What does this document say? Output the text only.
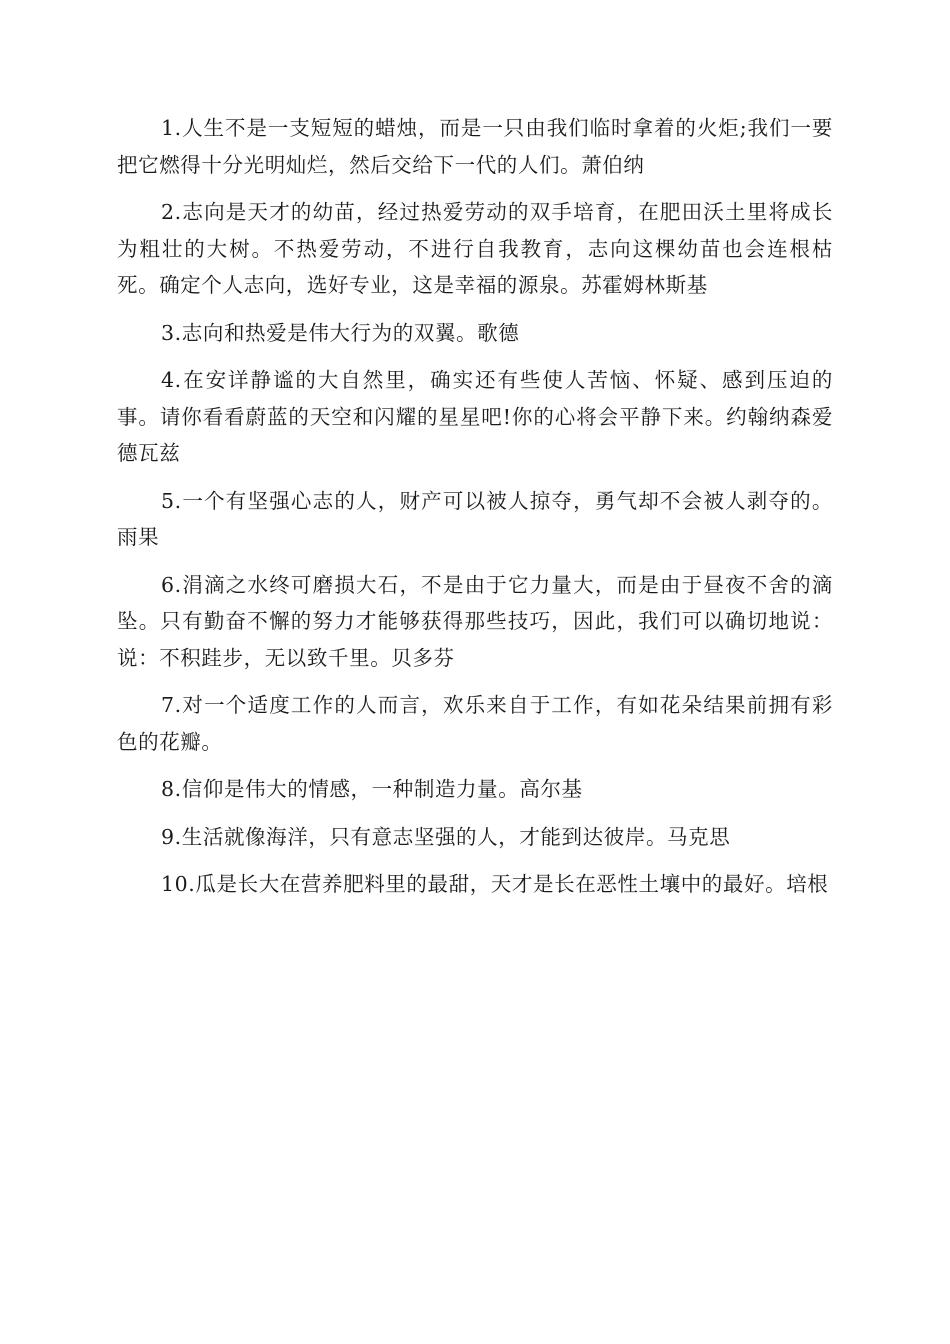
1.人生不是一支短短的蜡烛，而是一只由我们临时拿着的火炬;我们一要把它燃得十分光明灿烂，然后交给下一代的人们。萧伯纳

2.志向是天才的幼苗，经过热爱劳动的双手培育，在肥田沃土里将成长为粗壮的大树。不热爱劳动，不进行自我教育，志向这棵幼苗也会连根枯死。确定个人志向，选好专业，这是幸福的源泉。苏霍姆林斯基

3.志向和热爱是伟大行为的双翼。歌德

4.在安详静谧的大自然里，确实还有些使人苦恼、怀疑、感到压迫的事。请你看看蔚蓝的天空和闪耀的星星吧!你的心将会平静下来。约翰纳森爱德瓦兹

5.一个有坚强心志的人，财产可以被人掠夺，勇气却不会被人剥夺的。雨果

6.涓滴之水终可磨损大石，不是由于它力量大，而是由于昼夜不舍的滴坠。只有勤奋不懈的努力才能够获得那些技巧，因此，我们可以确切地说：说：不积跬步，无以致千里。贝多芬

7.对一个适度工作的人而言，欢乐来自于工作，有如花朵结果前拥有彩色的花瓣。

8.信仰是伟大的情感，一种制造力量。高尔基

9.生活就像海洋，只有意志坚强的人，才能到达彼岸。马克思

10.瓜是长大在营养肥料里的最甜，天才是长在恶性土壤中的最好。培根
